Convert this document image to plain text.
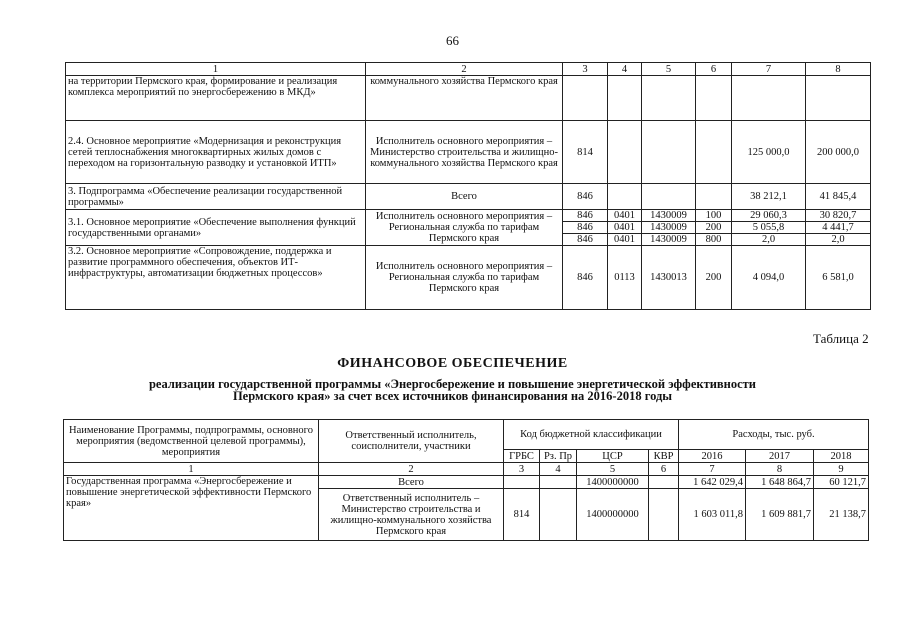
66
1	2	3	4	5	6	7	8
на территории Пермского края, формирование и реализация комплекса мероприятий по энергосбережению в МКД»	коммунального хозяйства Пермского края						
2.4. Основное мероприятие «Модернизация и реконструкция сетей теплоснабжения многоквартирных жилых домов с переходом на горизонтальную разводку и установкой ИТП»	Исполнитель основного мероприятия – Министерство строительства и жилищно-коммунального хозяйства Пермского края	814				125 000,0	200 000,0
3. Подпрограмма «Обеспечение реализации государственной программы»	Всего	846				38 212,1	41 845,4
3.1. Основное мероприятие «Обеспечение выполнения функций государственными органами»	Исполнитель основного мероприятия – Региональная служба по тарифам Пермского края	846	0401	1430009	100	29 060,3	30 820,7
		846	0401	1430009	200	5 055,8	4 441,7
		846	0401	1430009	800	2,0	2,0
3.2. Основное мероприятие «Сопровождение, поддержка и развитие программного обеспечения, объектов ИТ-инфраструктуры, автоматизации бюджетных процессов»	Исполнитель основного мероприятия – Региональная служба по тарифам Пермского края	846	0113	1430013	200	4 094,0	6 581,0
Таблица 2
ФИНАНСОВОЕ ОБЕСПЕЧЕНИЕ
реализации государственной программы «Энергосбережение и повышение энергетической эффективности
Пермского края» за счет всех источников финансирования на 2016-2018 годы
Наименование Программы, подпрограммы, основного мероприятия (ведомственной целевой программы), мероприятия	Ответственный исполнитель, соисполнители, участники	Код бюджетной классификации				Расходы, тыс. руб.		
		ГРБС	Рз. Пр	ЦСР	КВР	2016	2017	2018
1	2	3	4	5	6	7	8	9
Государственная программа «Энергосбережение и повышение энергетической эффективности Пермского края»	Всего			1400000000		1 642 029,4	1 648 864,7	60 121,7
	Ответственный исполнитель – Министерство строительства и жилищно-коммунального хозяйства Пермского края	814		1400000000		1 603 011,8	1 609 881,7	21 138,7
